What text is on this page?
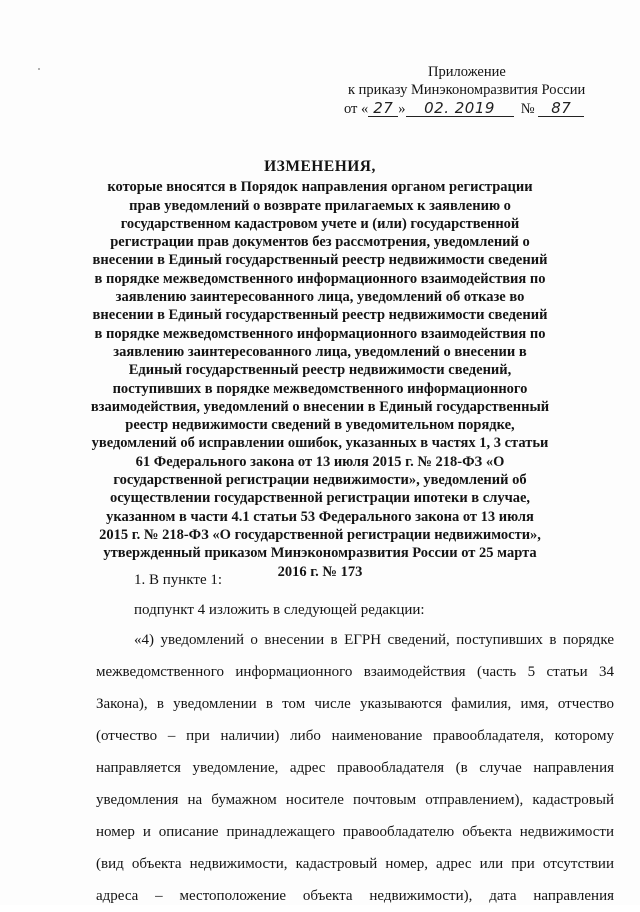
Приложение
к приказу Минэкономразвития России
от « 27 » 02. 2019 № 87
ИЗМЕНЕНИЯ,
которые вносятся в Порядок направления органом регистрации прав уведомлений о возврате прилагаемых к заявлению о государственном кадастровом учете и (или) государственной регистрации прав документов без рассмотрения, уведомлений о внесении в Единый государственный реестр недвижимости сведений в порядке межведомственного информационного взаимодействия по заявлению заинтересованного лица, уведомлений об отказе во внесении в Единый государственный реестр недвижимости сведений в порядке межведомственного информационного взаимодействия по заявлению заинтересованного лица, уведомлений о внесении в Единый государственный реестр недвижимости сведений, поступивших в порядке межведомственного информационного взаимодействия, уведомлений о внесении в Единый государственный реестр недвижимости сведений в уведомительном порядке, уведомлений об исправлении ошибок, указанных в частях 1, 3 статьи 61 Федерального закона от 13 июля 2015 г. № 218-ФЗ «О государственной регистрации недвижимости», уведомлений об осуществлении государственной регистрации ипотеки в случае, указанном в части 4.1 статьи 53 Федерального закона от 13 июля 2015 г. № 218-ФЗ «О государственной регистрации недвижимости», утвержденный приказом Минэкономразвития России от 25 марта 2016 г. № 173
1. В пункте 1:
подпункт 4 изложить в следующей редакции:
«4) уведомлений о внесении в ЕГРН сведений, поступивших в порядке межведомственного информационного взаимодействия (часть 5 статьи 34 Закона), в уведомлении в том числе указываются фамилия, имя, отчество (отчество – при наличии) либо наименование правообладателя, которому направляется уведомление, адрес правообладателя (в случае направления уведомления на бумажном носителе почтовым отправлением), кадастровый номер и описание принадлежащего правообладателю объекта недвижимости (вид объекта недвижимости, кадастровый номер, адрес или при отсутствии адреса – местоположение объекта недвижимости), дата направления
